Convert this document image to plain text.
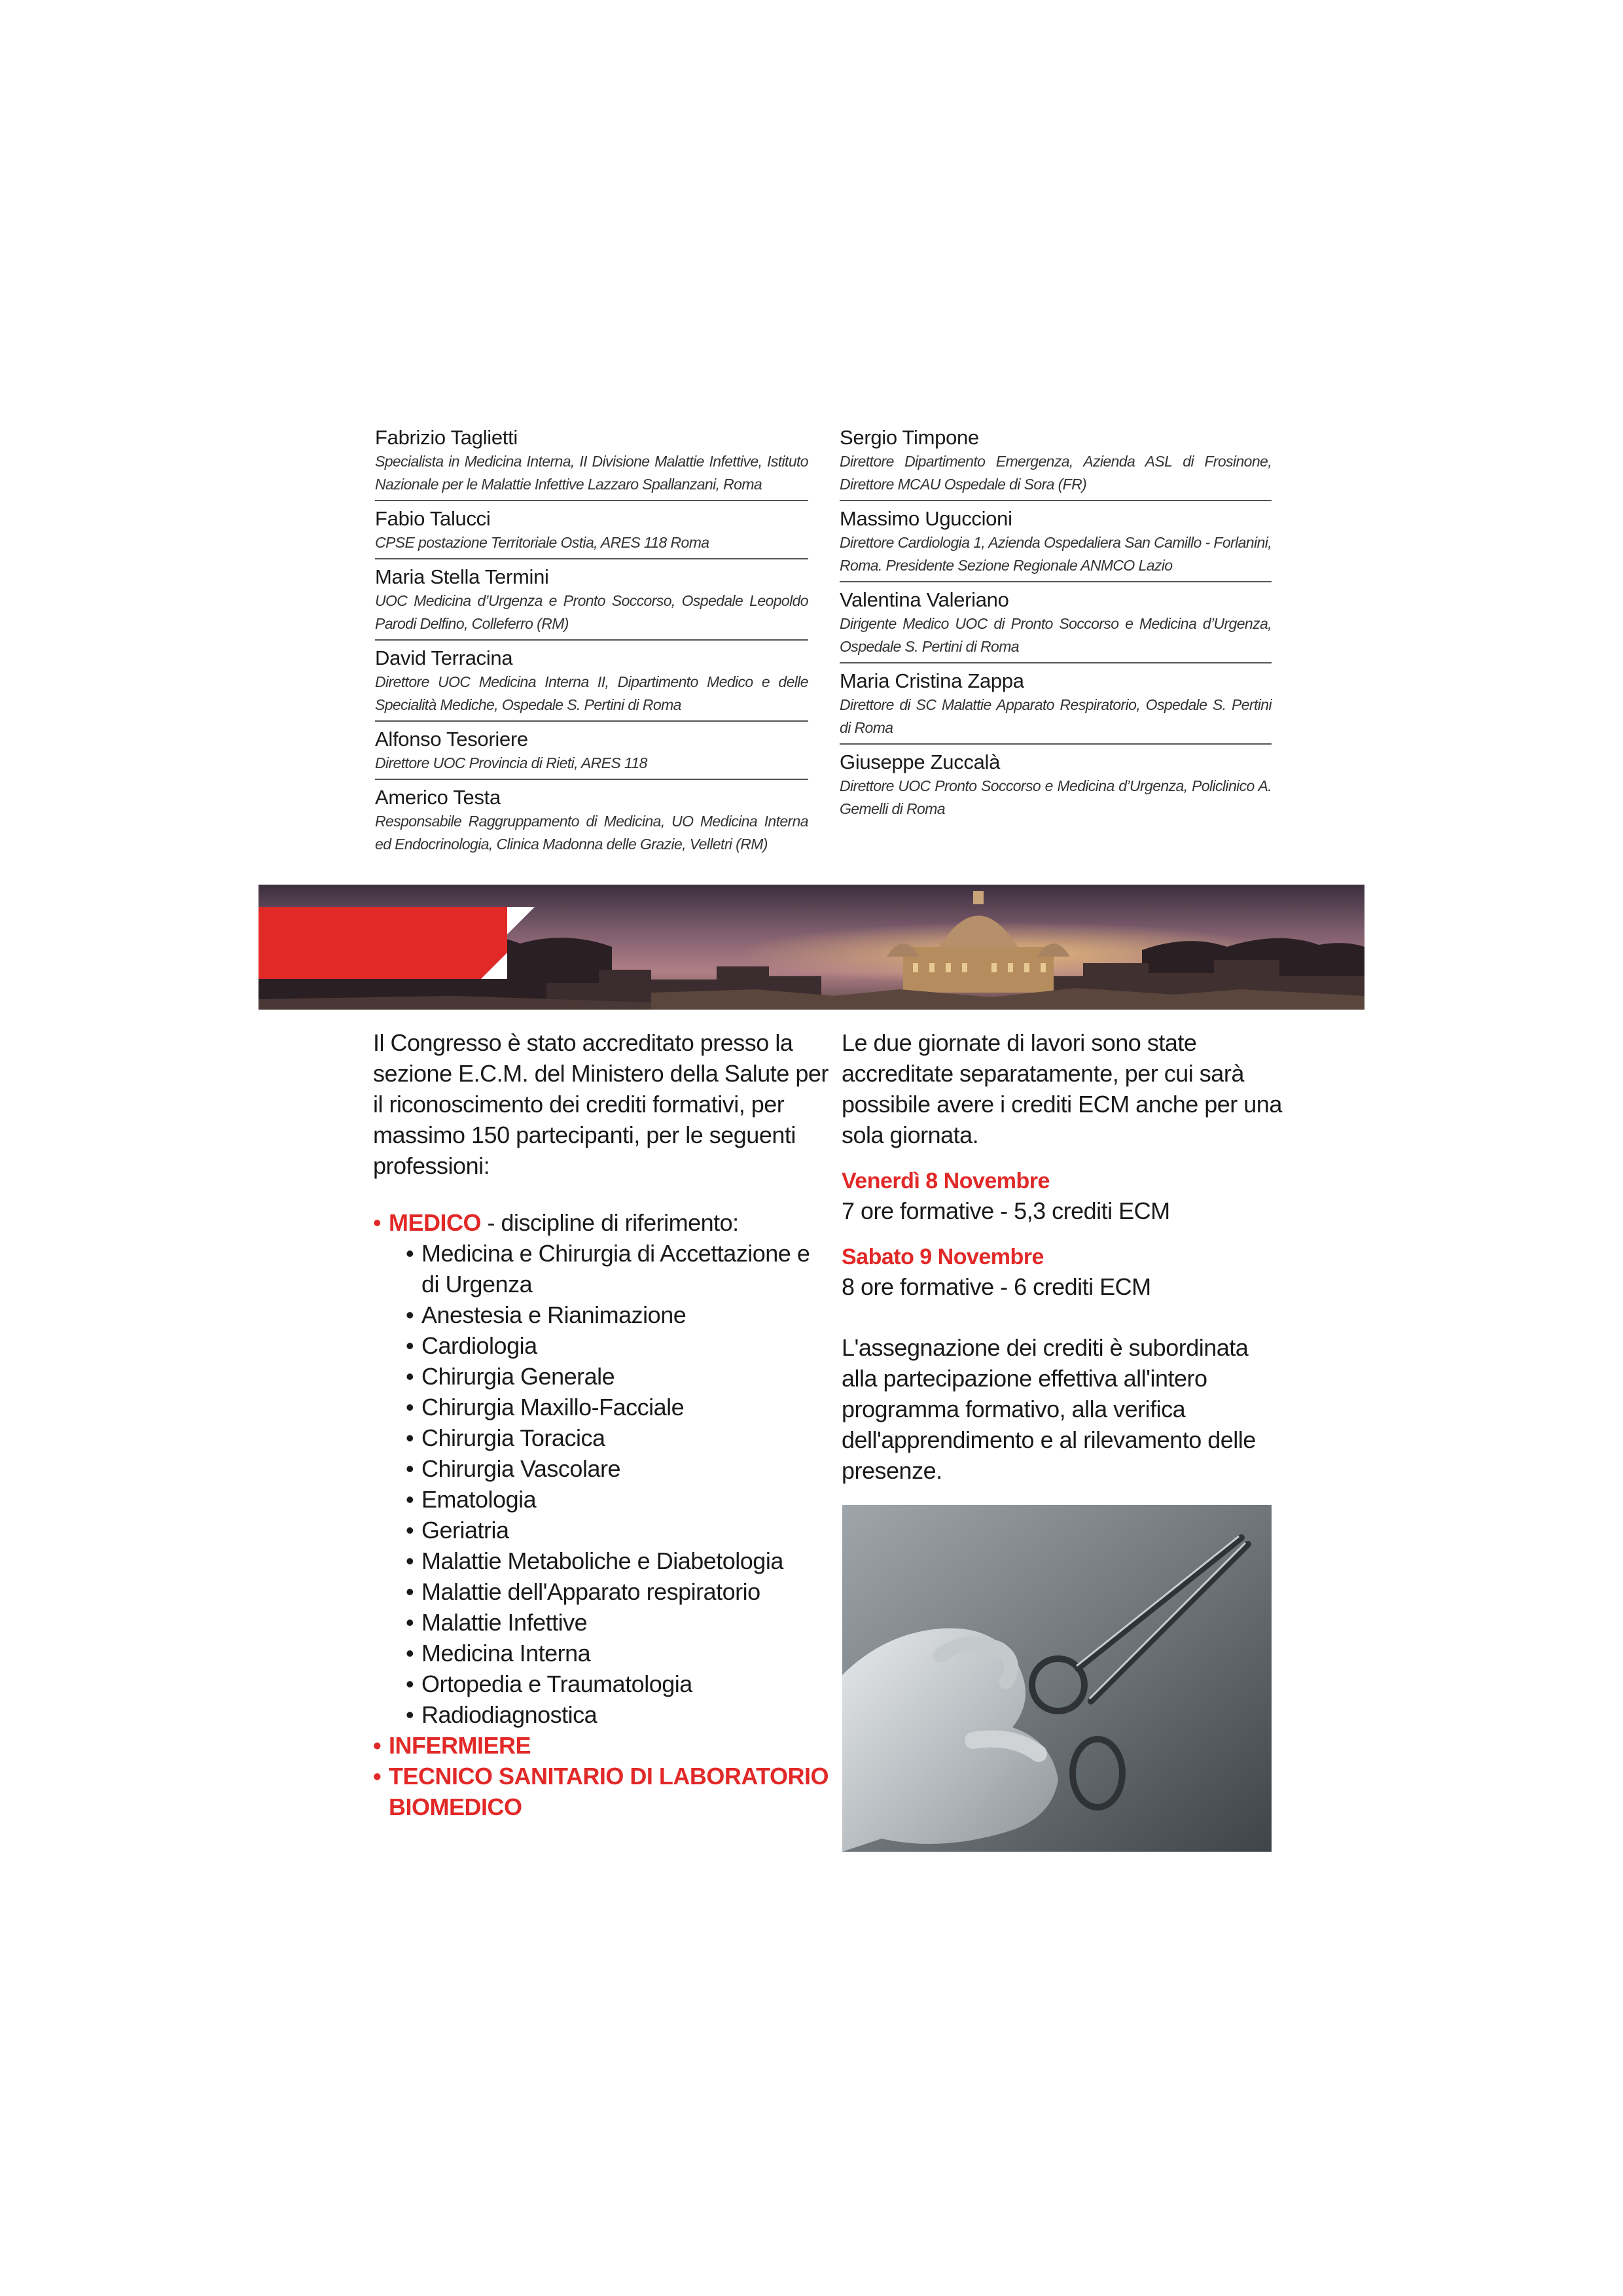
Fabrizio Taglietti
Specialista in Medicina Interna, II Divisione Malattie Infettive, Istituto Nazionale per le Malattie Infettive Lazzaro Spallanzani, Roma
Fabio Talucci
CPSE postazione Territoriale Ostia, ARES 118 Roma
Maria Stella Termini
UOC Medicina d’Urgenza e Pronto Soccorso, Ospedale Leopoldo Parodi Delfino, Colleferro (RM)
David Terracina
Direttore UOC Medicina Interna II, Dipartimento Medico e delle Specialità Mediche, Ospedale S. Pertini di Roma
Alfonso Tesoriere
Direttore UOC Provincia di Rieti, ARES 118
Americo Testa
Responsabile Raggruppamento di Medicina, UO Medicina Interna ed Endocrinologia, Clinica Madonna delle Grazie, Velletri (RM)
Sergio Timpone
Direttore Dipartimento Emergenza, Azienda ASL di Frosinone, Direttore MCAU Ospedale di Sora (FR)
Massimo Uguccioni
Direttore Cardiologia 1, Azienda Ospedaliera San Camillo - Forlanini, Roma. Presidente Sezione Regionale ANMCO Lazio
Valentina Valeriano
Dirigente Medico UOC di Pronto Soccorso e Medicina d’Urgenza, Ospedale S. Pertini di Roma
Maria Cristina Zappa
Direttore di SC Malattie Apparato Respiratorio, Ospedale S. Pertini di Roma
Giuseppe Zuccalà
Direttore UOC Pronto Soccorso e Medicina d’Urgenza, Policlinico A. Gemelli di Roma
ECM

Il Congresso è stato accreditato presso la sezione E.C.M. del Ministero della Salute per il riconoscimento dei crediti formativi, per massimo 150 partecipanti, per le seguenti professioni:

• MEDICO - discipline di riferimento:
• Medicina e Chirurgia di Accettazione e di Urgenza
• Anestesia e Rianimazione
• Cardiologia
• Chirurgia Generale
• Chirurgia Maxillo-Facciale
• Chirurgia Toracica
• Chirurgia Vascolare
• Ematologia
• Geriatria
• Malattie Metaboliche e Diabetologia
• Malattie dell'Apparato respiratorio
• Malattie Infettive
• Medicina Interna
• Ortopedia e Traumatologia
• Radiodiagnostica
• INFERMIERE
• TECNICO SANITARIO DI LABORATORIO BIOMEDICO

Le due giornate di lavori sono state accreditate separatamente, per cui sarà possibile avere i crediti ECM anche per una sola giornata.

Venerdì 8 Novembre
7 ore formative - 5,3 crediti ECM
Sabato 9 Novembre
8 ore formative - 6 crediti ECM

L'assegnazione dei crediti è subordinata alla partecipazione effettiva all'intero programma formativo, alla verifica dell'apprendimento e al rilevamento delle presenze.
